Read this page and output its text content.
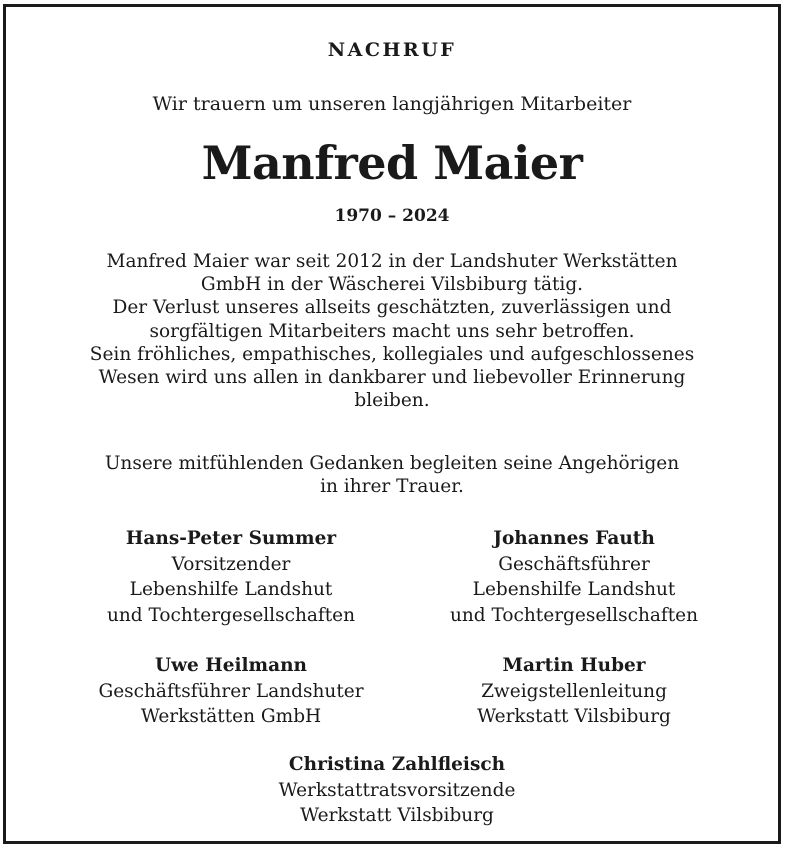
NACHRUF
Wir trauern um unseren langjährigen Mitarbeiter
Manfred Maier
1970 – 2024

Manfred Maier war seit 2012 in der Landshuter Werkstätten

GmbH in der Wäscherei Vilsbiburg tätig.

Der Verlust unseres allseits geschätzten, zuverlässigen und

sorgfältigen Mitarbeiters macht uns sehr betroffen.

Sein fröhliches, empathisches, kollegiales und aufgeschlossenes

Wesen wird uns allen in dankbarer und liebevoller Erinnerung

bleiben.

Unsere mitfühlenden Gedanken begleiten seine Angehörigen
in ihrer Trauer.
Hans-Peter Summer
Vorsitzender
Lebenshilfe Landshut
und Tochtergesellschaften
Johannes Fauth
Geschäftsführer
Lebenshilfe Landshut
und Tochtergesellschaften
Uwe Heilmann
Geschäftsführer Landshuter
Werkstätten GmbH
Martin Huber
Zweigstellenleitung
Werkstatt Vilsbiburg
Christina Zahlfleisch
Werkstattratsvorsitzende
Werkstatt Vilsbiburg
